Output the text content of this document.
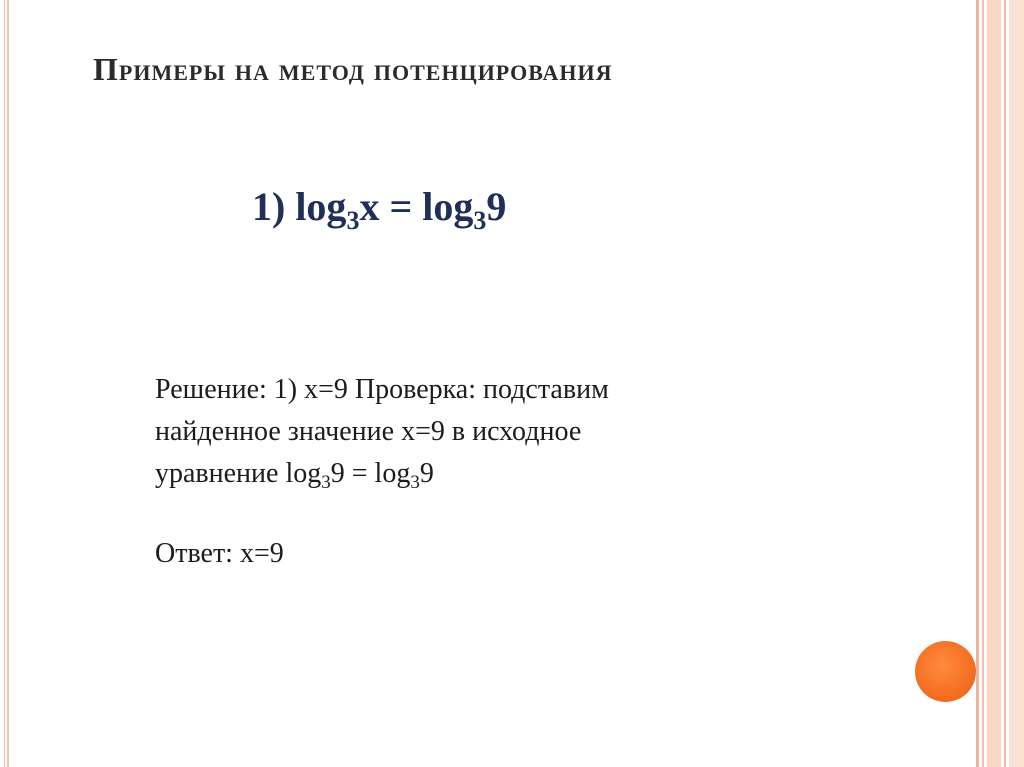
Примеры на метод потенцирования
1) $\log_3x = \log_39$
Решение: 1) x=9 Проверка: подставим
найденное значение x=9 в исходное
уравнение $\log_39 = \log_39$
Ответ: x=9
